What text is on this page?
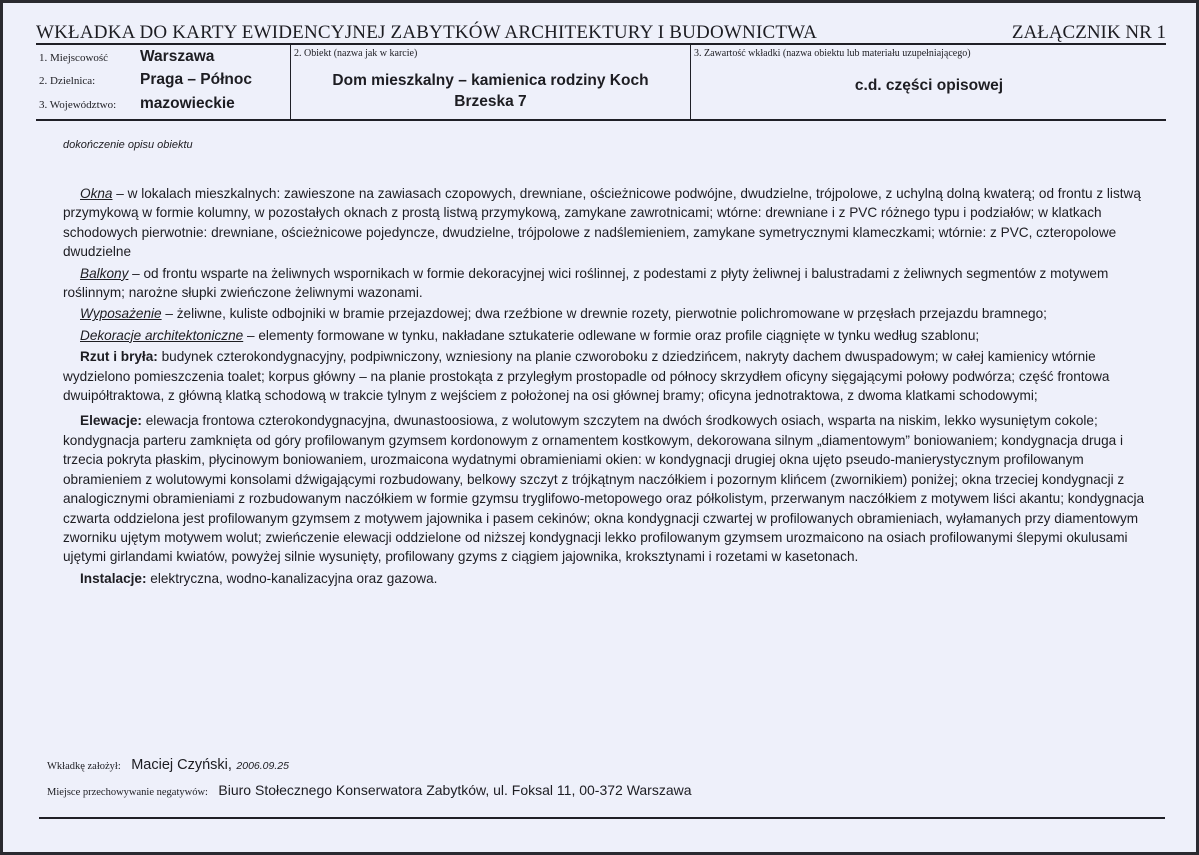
WKŁADKA DO KARTY EWIDENCYJNEJ ZABYTKÓW ARCHITEKTURY I BUDOWNICTWA	ZAŁĄCZNIK NR 1
1. Miejscowość Warszawa
2. Dzielnica:	Praga – Północ
3. Województwo: mazowieckie
2. Obiekt (nazwa jak w karcie)
Dom mieszkalny – kamienica rodziny Koch
Brzeska 7
3. Zawartość wkładki (nazwa obiektu lub materiału uzupełniającego)
c.d. części opisowej
dokończenie opisu obiektu

Okna – w lokalach mieszkalnych: zawieszone na zawiasach czopowych, drewniane, ościeżnicowe podwójne, dwudzielne, trójpolowe, z uchylną dolną kwaterą; od frontu z listwą przymykową w formie kolumny, w pozostałych oknach z prostą listwą przymykową, zamykane zawrotnicami; wtórne: drewniane i z PVC różnego typu i podziałów; w klatkach schodowych pierwotnie: drewniane, ościeżnicowe pojedyncze, dwudzielne, trójpolowe z nadślemieniem, zamykane symetrycznymi klameczkami; wtórnie: z PVC, czteropolowe dwudzielne

Balkony – od frontu wsparte na żeliwnych wspornikach w formie dekoracyjnej wici roślinnej, z podestami z płyty żeliwnej i balustradami z żeliwnych segmentów z motywem roślinnym; narożne słupki zwieńczone żeliwnymi wazonami.

Wyposażenie – żeliwne, kuliste odbojniki w bramie przejazdowej; dwa rzeźbione w drewnie rozety, pierwotnie polichromowane w przęsłach przejazdu bramnego;

Dekoracje architektoniczne – elementy formowane w tynku, nakładane sztukaterie odlewane w formie oraz profile ciągnięte w tynku według szablonu;

Rzut i bryła: budynek czterokondygnacyjny, podpiwniczony, wzniesiony na planie czworoboku z dziedzińcem, nakryty dachem dwuspadowym; w całej kamienicy wtórnie wydzielono pomieszczenia toalet; korpus główny – na planie prostokąta z przyległym prostopadle od północy skrzydłem oficyny sięgającymi połowy podwórza; część frontowa dwuipółtraktowa, z główną klatką schodową w trakcie tylnym z wejściem z położonej na osi głównej bramy; oficyna jednotraktowa, z dwoma klatkami schodowymi;

Elewacje: elewacja frontowa czterokondygnacyjna, dwunastoosiowa, z wolutowym szczytem na dwóch środkowych osiach, wsparta na niskim, lekko wysuniętym cokole; kondygnacja parteru zamknięta od góry profilowanym gzymsem kordonowym z ornamentem kostkowym, dekorowana silnym „diamentowym” boniowaniem; kondygnacja druga i trzecia pokryta płaskim, płycinowym boniowaniem, urozmaicona wydatnymi obramieniami okien: w kondygnacji drugiej okna ujęto pseudo-manierystycznym profilowanym obramieniem z wolutowymi konsolami dźwigającymi rozbudowany, belkowy szczyt z trójkątnym naczółkiem i pozornym klińcem (zwornikiem) poniżej; okna trzeciej kondygnacji z analogicznymi obramieniami z rozbudowanym naczółkiem w formie gzymsu tryglifowo-metopowego oraz półkolistym, przerwanym naczółkiem z motywem liści akantu; kondygnacja czwarta oddzielona jest profilowanym gzymsem z motywem jajownika i pasem cekinów; okna kondygnacji czwartej w profilowanych obramieniach, wyłamanych przy diamentowym zworniku ujętym motywem wolut; zwieńczenie elewacji oddzielone od niższej kondygnacji lekko profilowanym gzymsem urozmaicono na osiach profilowanymi ślepymi okulusami ujętymi girlandami kwiatów, powyżej silnie wysunięty, profilowany gzyms z ciągiem jajownika, kroksztynami i rozetami w kasetonach.

Instalacje: elektryczna, wodno-kanalizacyjna oraz gazowa.

Wkładkę założył: Maciej Czyński, 2006.09.25
Miejsce przechowywanie negatywów: Biuro Stołecznego Konserwatora Zabytków, ul. Foksal 11, 00-372 Warszawa
